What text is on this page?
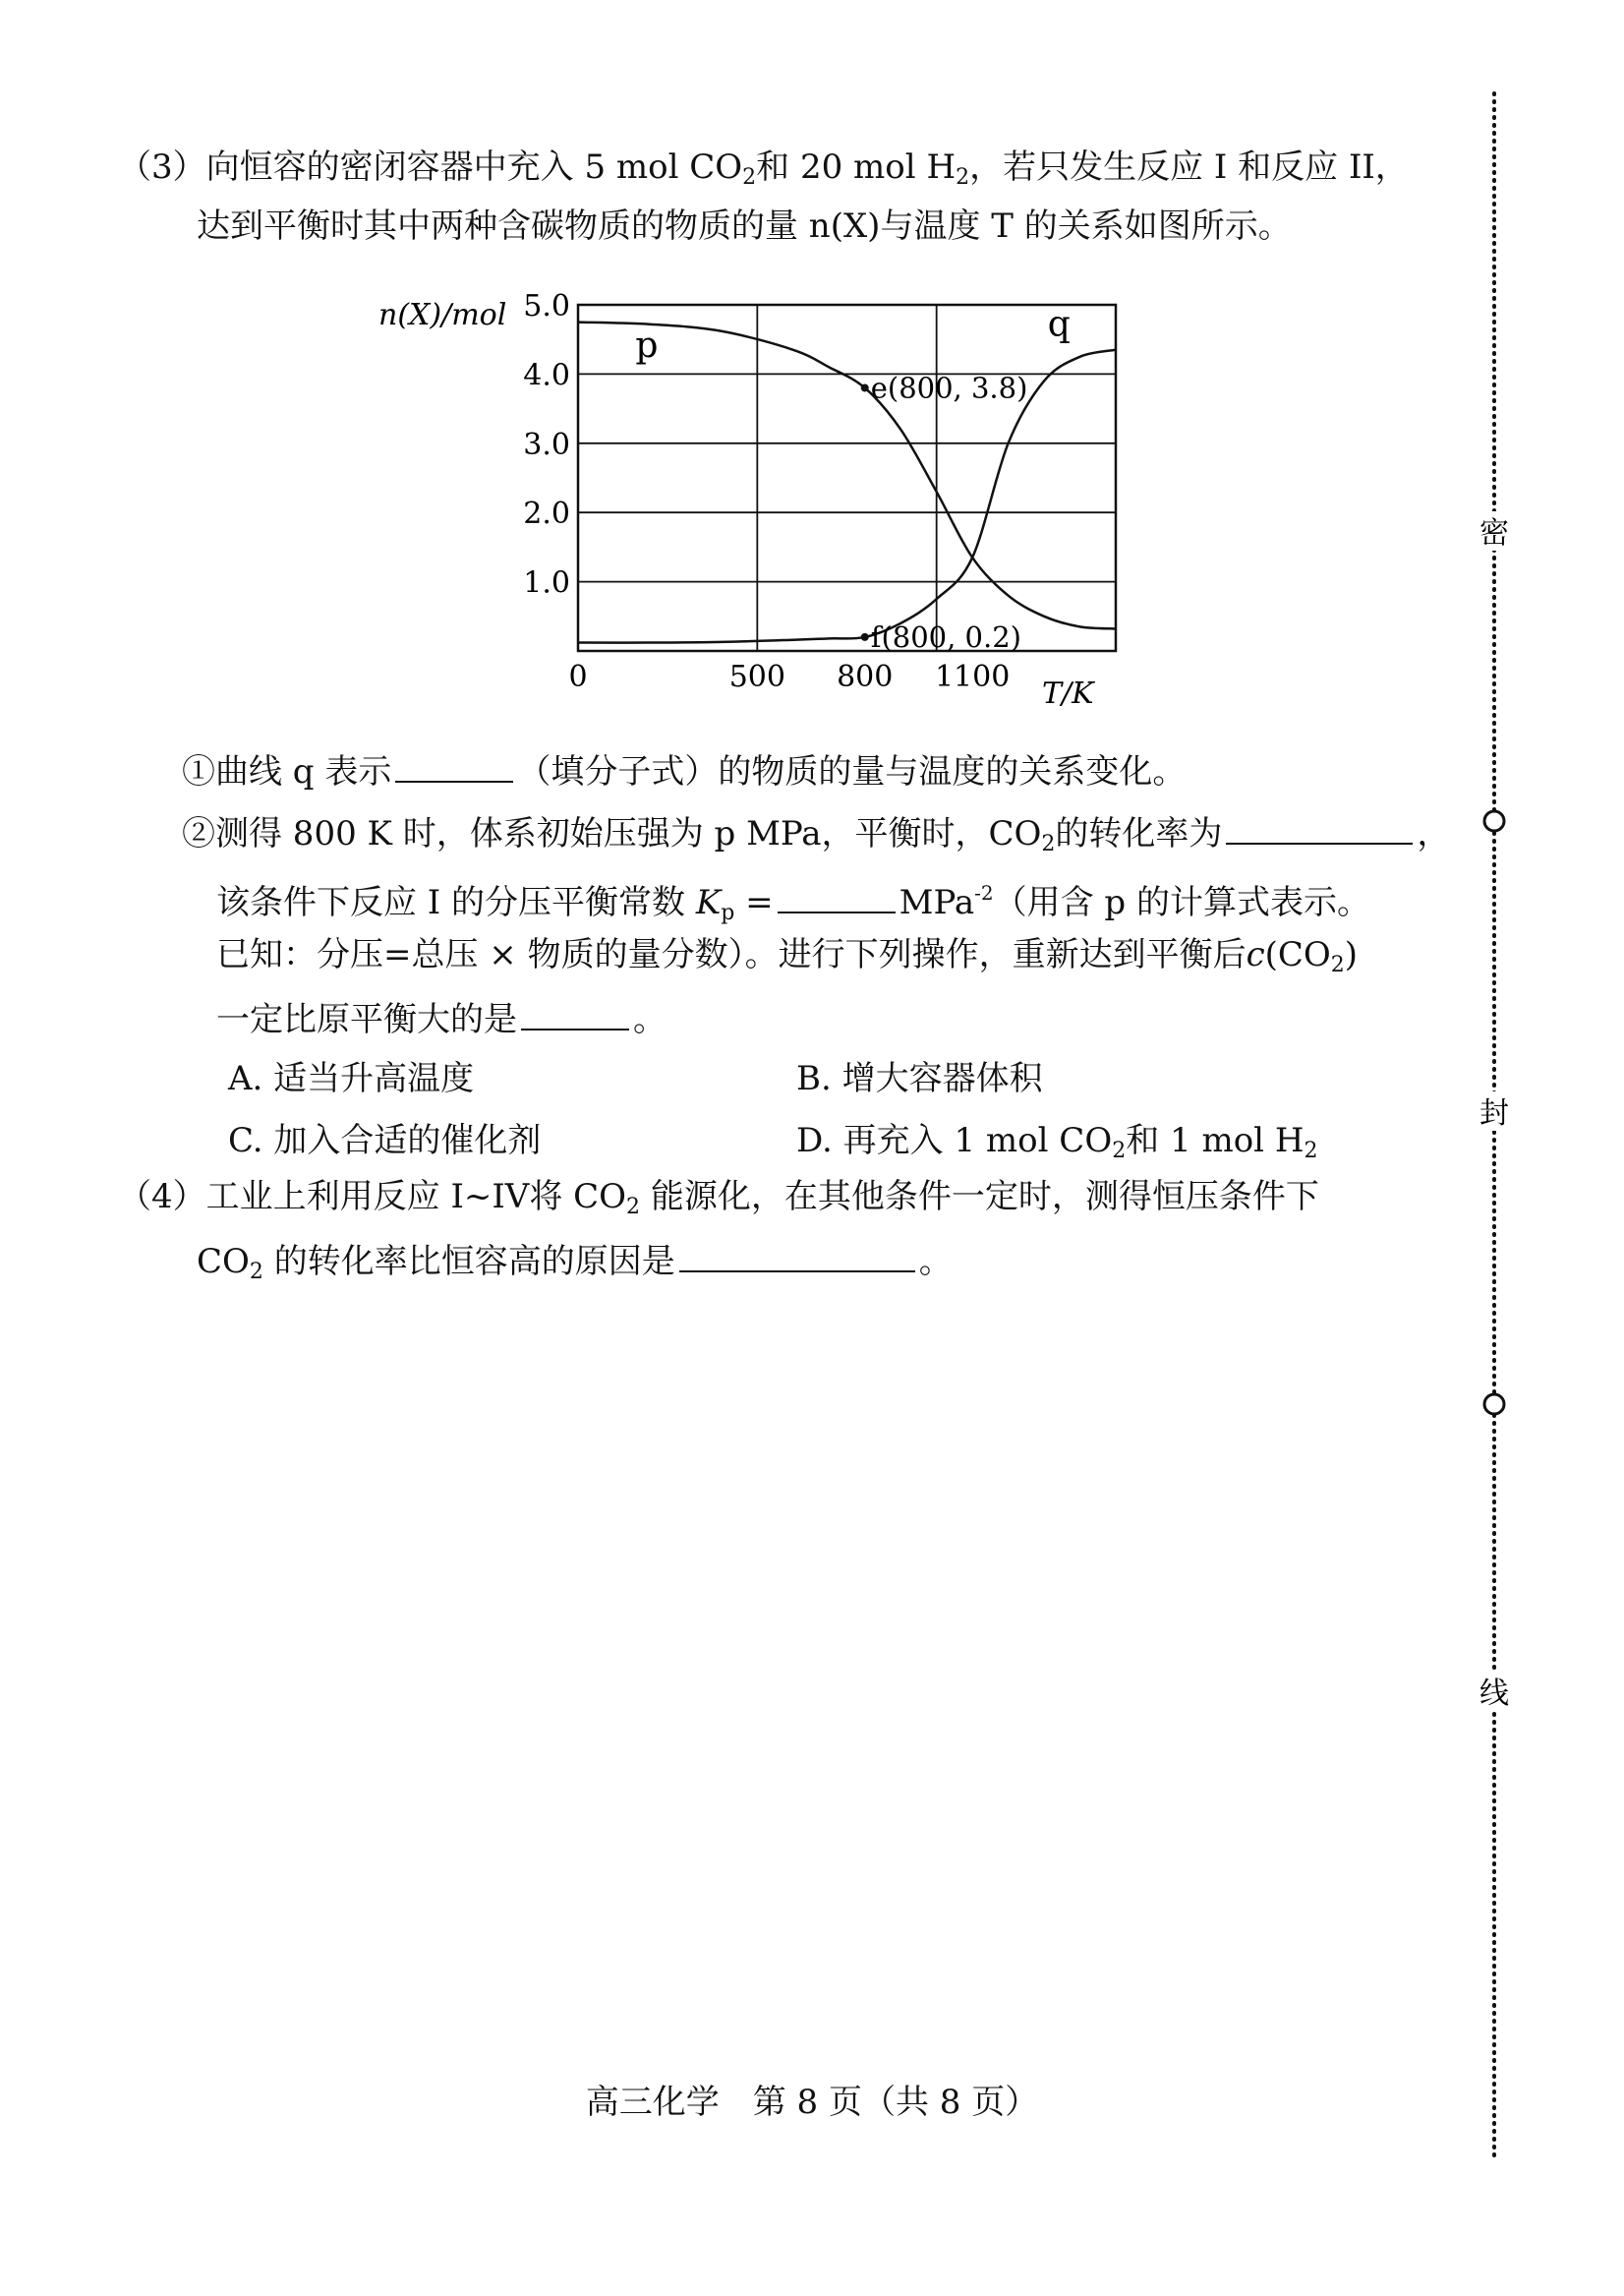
（3）向恒容的密闭容器中充入 5 mol $CO_2$和 20 mol $H_2$，若只发生反应 I 和反应 II，
达到平衡时其中两种含碳物质的物质的量 n(X)与温度 T 的关系如图所示。
1.0
2.0
3.0
4.0
5.0
0	500 800 1100
p
q
e(800, 3.8)
f(800, 0.2)
n(X)/mol
T/K
①曲线 q 表示	（填分子式）的物质的量与温度的关系变化。
②测得 800 K 时，体系初始压强为 p MPa，平衡时，$CO_2$的转化率为	，
该条件下反应 I 的分压平衡常数 $K_p$ =	MPa$^{-2}$（用含 p 的计算式表示。
已知：分压=总压 × 物质的量分数）。进行下列操作，重新达到平衡后$c(CO_2)$
一定比原平衡大的是	。
A. 适当升高温度	B. 增大容器体积
C. 加入合适的催化剂	D. 再充入 1 mol $CO_2$和 1 mol $H_2$
（4）工业上利用反应 I~IV将 $CO_2$ 能源化，在其他条件一定时，测得恒压条件下
$CO_2$ 的转化率比恒容高的原因是	。
密
封
线
高三化学　第 8 页（共 8 页）
